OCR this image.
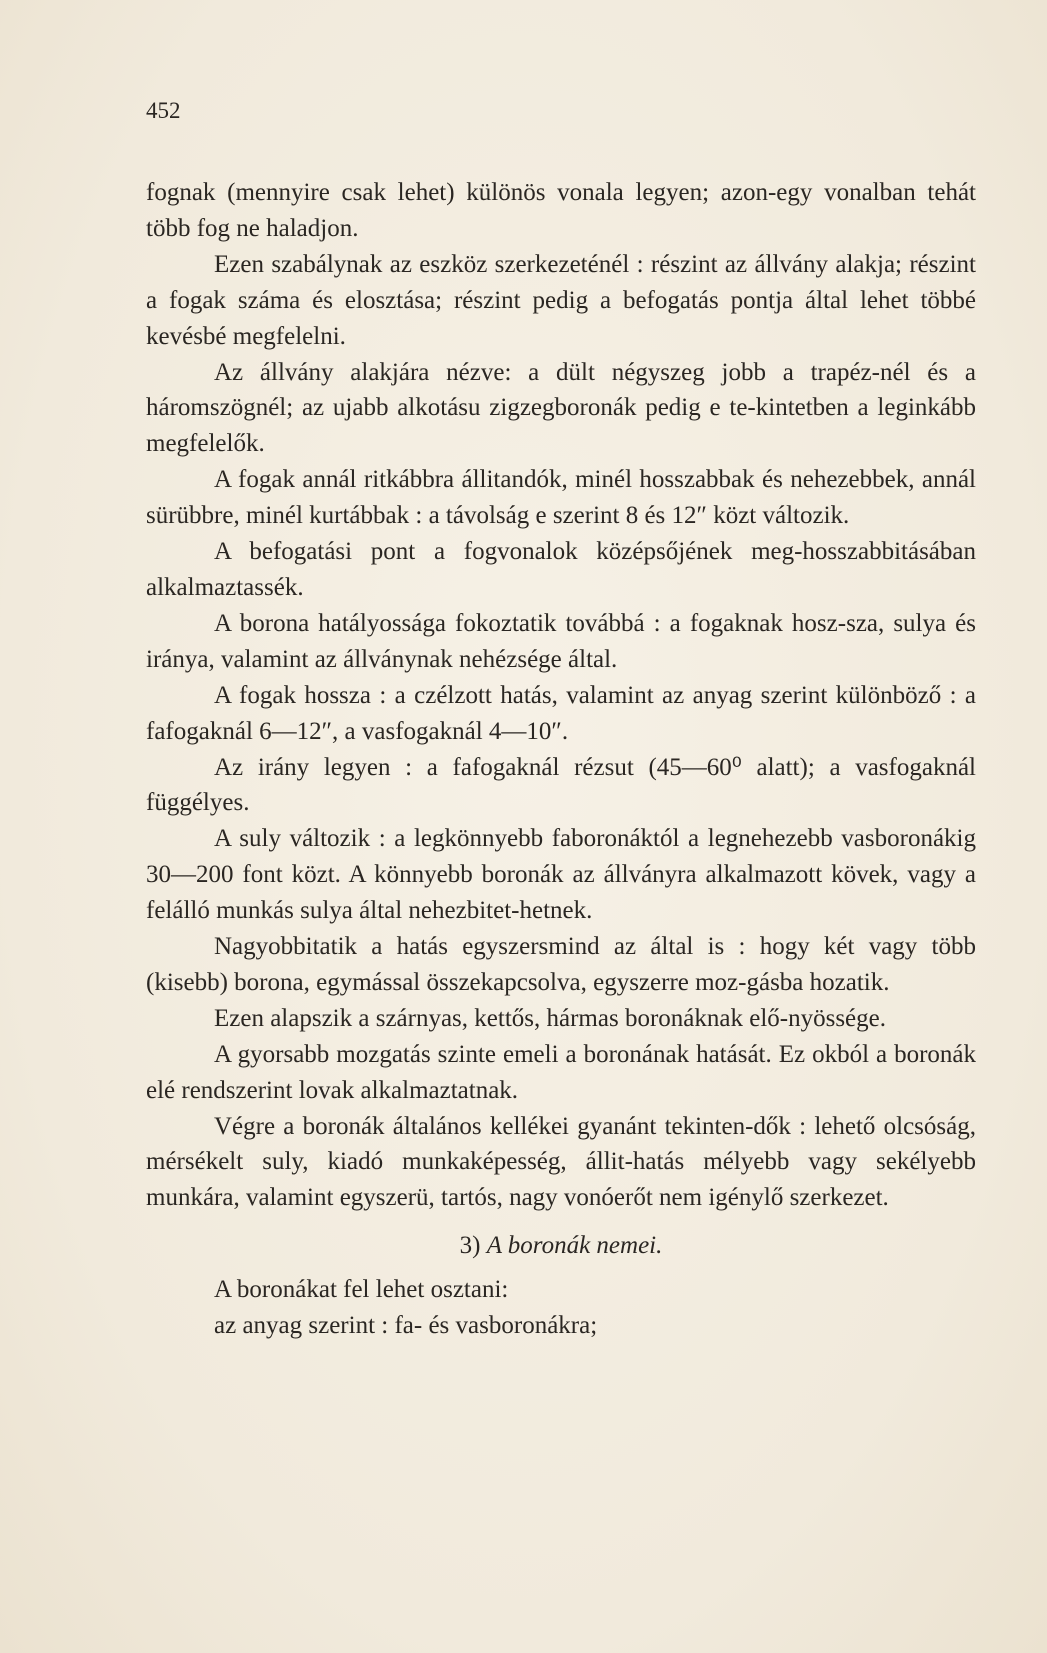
452

fognak (mennyire csak lehet) különös vonala legyen; azon-egy vonalban tehát több fog ne haladjon.

Ezen szabálynak az eszköz szerkezeténél : részint az állvány alakja; részint a fogak száma és elosztása; részint pedig a befogatás pontja által lehet többé kevésbé megfelelni.

Az állvány alakjára nézve: a dült négyszeg jobb a trapéz-nél és a háromszögnél; az ujabb alkotásu zigzegboronák pedig e te-kintetben a leginkább megfelelők.

A fogak annál ritkábbra állitandók, minél hosszabbak és nehezebbek, annál sürübbre, minél kurtábbak : a távolság e szerint 8 és 12″ közt változik.

A befogatási pont a fogvonalok középsőjének meg-hosszabbitásában alkalmaztassék.

A borona hatályossága fokoztatik továbbá : a fogaknak hosz-sza, sulya és iránya, valamint az állványnak nehézsége által.

A fogak hossza : a czélzott hatás, valamint az anyag szerint különböző : a fafogaknál 6—12″, a vasfogaknál 4—10″.

Az irány legyen : a fafogaknál rézsut (45—60⁰ alatt); a vasfogaknál függélyes.

A suly változik : a legkönnyebb faboronáktól a legnehezebb vasboronákig 30—200 font közt. A könnyebb boronák az állványra alkalmazott kövek, vagy a felálló munkás sulya által nehezbitet-hetnek.

Nagyobbitatik a hatás egyszersmind az által is : hogy két vagy több (kisebb) borona, egymással összekapcsolva, egyszerre moz-gásba hozatik.

Ezen alapszik a szárnyas, kettős, hármas boronáknak elő-nyössége.

A gyorsabb mozgatás szinte emeli a boronának hatását. Ez okból a boronák elé rendszerint lovak alkalmaztatnak.

Végre a boronák általános kellékei gyanánt tekinten-dők : lehető olcsóság, mérsékelt suly, kiadó munkaképesség, állit-hatás mélyebb vagy sekélyebb munkára, valamint egyszerü, tartós, nagy vonóerőt nem igénylő szerkezet.

3) A boronák nemei.

A boronákat fel lehet osztani:

az anyag szerint : fa- és vasboronákra;
